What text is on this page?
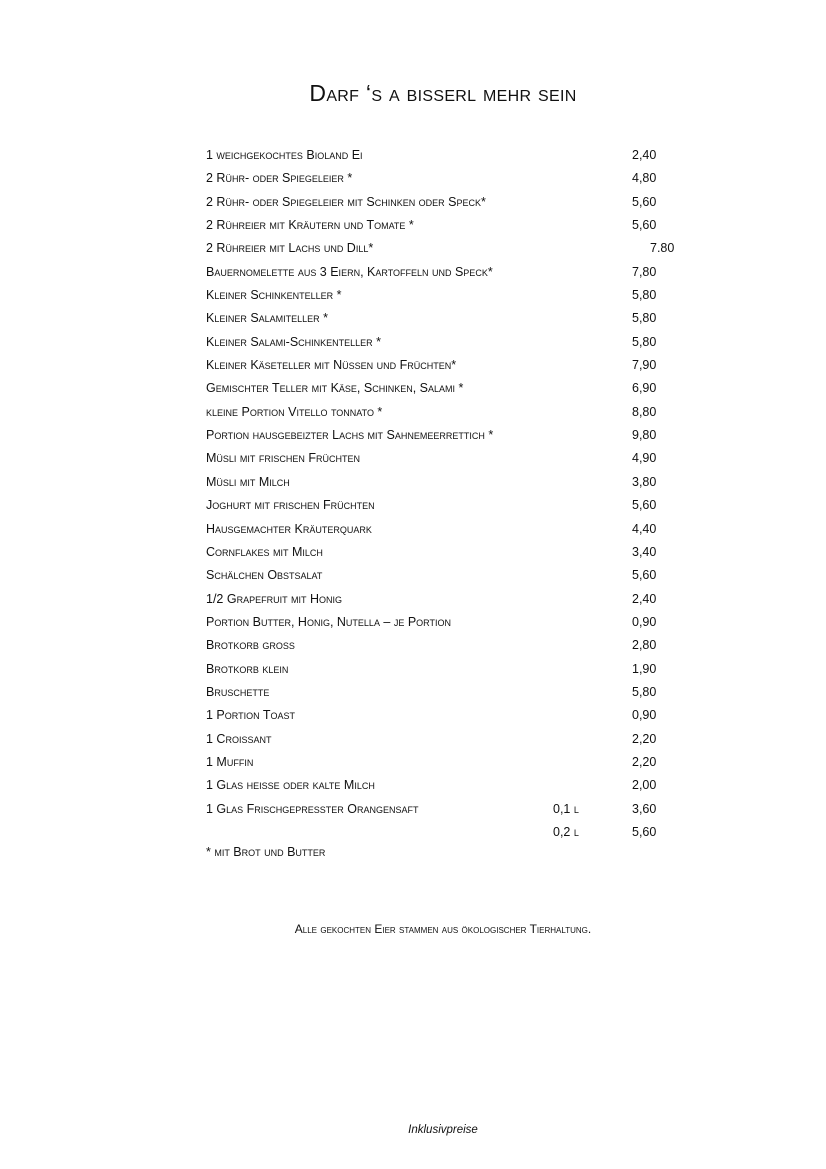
Darf ‘s a bisserl mehr sein
1 weichgekochtes Bioland Ei	2,40
2 Rühr- oder Spiegeleier *	4,80
2 Rühr- oder Spiegeleier mit Schinken oder Speck*	5,60
2 Rühreier mit Kräutern und Tomate *	5,60
2 Rühreier mit Lachs und Dill*	7.80
Bauernomelette aus 3 Eiern, Kartoffeln und Speck*	7,80
Kleiner Schinkenteller *	5,80
Kleiner Salamiteller *	5,80
Kleiner Salami-Schinkenteller *	5,80
Kleiner Käseteller mit Nüssen und Früchten*	7,90
Gemischter Teller mit Käse, Schinken, Salami *	6,90
kleine Portion Vitello tonnato *	8,80
Portion hausgebeizter Lachs mit Sahnemeerrettich *	9,80
Müsli mit frischen Früchten	4,90
Müsli mit Milch	3,80
Joghurt mit frischen Früchten	5,60
Hausgemachter Kräuterquark	4,40
Cornflakes mit Milch	3,40
Schälchen Obstsalat	5,60
1/2 Grapefruit mit Honig	2,40
Portion Butter, Honig, Nutella – je Portion	0,90
Brotkorb groß	2,80
Brotkorb klein	1,90
Bruschette	5,80
1 Portion Toast	0,90
1 Croissant	2,20
1 Muffin	2,20
1 Glas heisse oder kalte Milch	2,00
1 Glas Frischgepresster Orangensaft	0,1 l	3,60
0,2 l	5,60
* mit Brot und Butter
Alle gekochten Eier stammen aus ökologischer Tierhaltung.
Inklusivpreise
